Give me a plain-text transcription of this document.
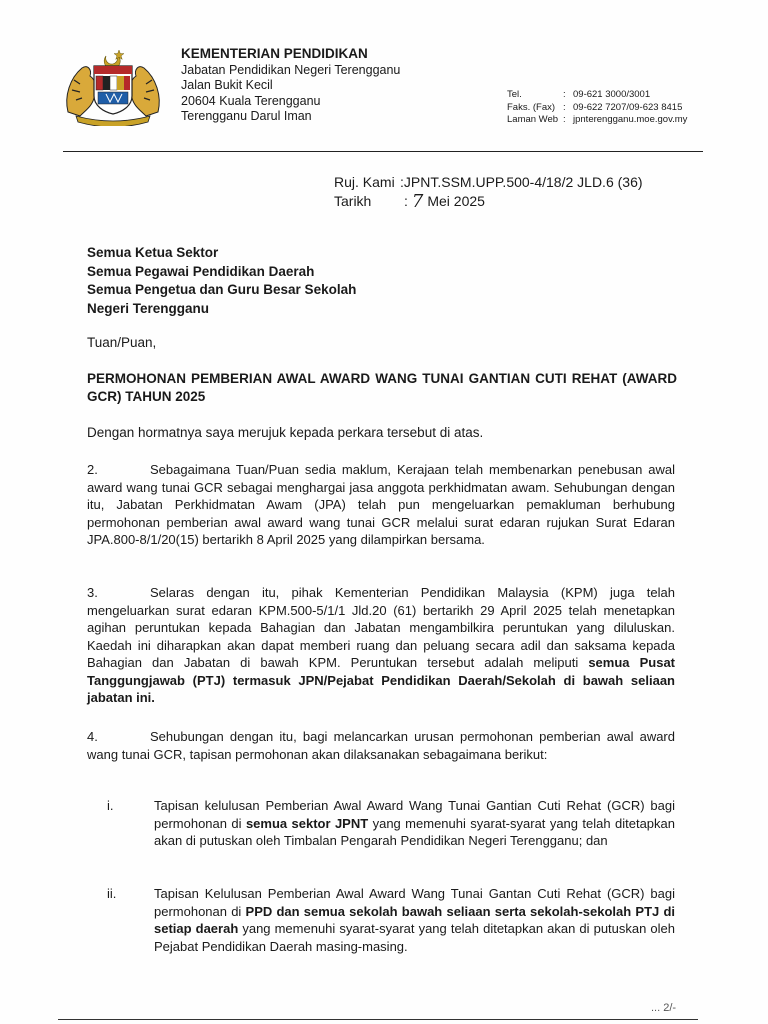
KEMENTERIAN PENDIDIKAN
Jabatan Pendidikan Negeri Terengganu
Jalan Bukit Kecil
20604 Kuala Terengganu
Terengganu Darul Iman
Tel.	: 09-621 3000/3001
Faks. (Fax) : 09-622 7207/09-623 8415
Laman Web : jpnterengganu.moe.gov.my
Ruj. Kami :JPNT.SSM.UPP.500-4/18/2 JLD.6 (36)
Tarikh	: 7 Mei 2025
Semua Ketua Sektor
Semua Pegawai Pendidikan Daerah
Semua Pengetua dan Guru Besar Sekolah
Negeri Terengganu
Tuan/Puan,
PERMOHONAN PEMBERIAN AWAL AWARD WANG TUNAI GANTIAN CUTI REHAT (AWARD GCR) TAHUN 2025
Dengan hormatnya saya merujuk kepada perkara tersebut di atas.
2.	Sebagaimana Tuan/Puan sedia maklum, Kerajaan telah membenarkan penebusan awal award wang tunai GCR sebagai menghargai jasa anggota perkhidmatan awam. Sehubungan dengan itu, Jabatan Perkhidmatan Awam (JPA) telah pun mengeluarkan pemakluman berhubung permohonan pemberian awal award wang tunai GCR melalui surat edaran rujukan Surat Edaran JPA.800-8/1/20(15) bertarikh 8 April 2025 yang dilampirkan bersama.
3.	Selaras dengan itu, pihak Kementerian Pendidikan Malaysia (KPM) juga telah mengeluarkan surat edaran KPM.500-5/1/1 Jld.20 (61) bertarikh 29 April 2025 telah menetapkan agihan peruntukan kepada Bahagian dan Jabatan mengambilkira peruntukan yang diluluskan. Kaedah ini diharapkan akan dapat memberi ruang dan peluang secara adil dan saksama kepada Bahagian dan Jabatan di bawah KPM. Peruntukan tersebut adalah meliputi semua Pusat Tanggungjawab (PTJ) termasuk JPN/Pejabat Pendidikan Daerah/Sekolah di bawah seliaan jabatan ini.
4.	Sehubungan dengan itu, bagi melancarkan urusan permohonan pemberian awal award wang tunai GCR, tapisan permohonan akan dilaksanakan sebagaimana berikut:
i.	Tapisan kelulusan Pemberian Awal Award Wang Tunai Gantian Cuti Rehat (GCR) bagi permohonan di semua sektor JPNT yang memenuhi syarat-syarat yang telah ditetapkan akan di putuskan oleh Timbalan Pengarah Pendidikan Negeri Terengganu; dan
ii.	Tapisan Kelulusan Pemberian Awal Award Wang Tunai Gantan Cuti Rehat (GCR) bagi permohonan di PPD dan semua sekolah bawah seliaan serta sekolah-sekolah PTJ di setiap daerah yang memenuhi syarat-syarat yang telah ditetapkan akan di putuskan oleh Pejabat Pendidikan Daerah masing-masing.
... 2/-
